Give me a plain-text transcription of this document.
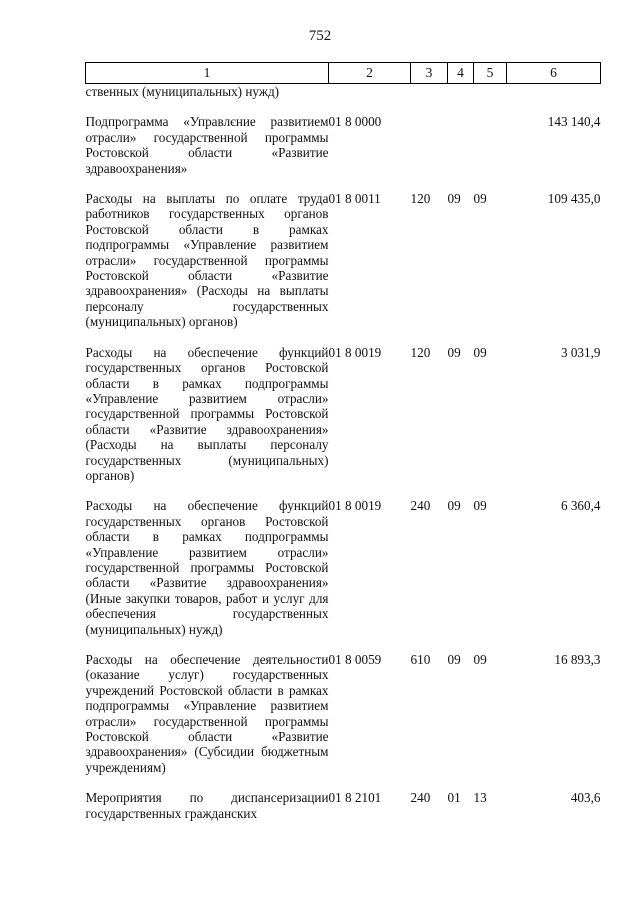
752
1	2	3	4	5	6
ственных (муниципальных) нужд)					
Подпрограмма «Управлєние развитием отрасли» государственной программы Ростовской области «Развитие здравоохранения»	01 8 0000				143 140,4
Расходы на выплаты по оплате труда работников государственных органов Ростовской области в рамках подпрограммы «Управление развитием отрасли» государственной программы Ростовской области «Развитие здравоохранения» (Расходы на выплаты персоналу государственных (муниципальных) органов)	01 8 0011	120	09	09	109 435,0
Расходы на обеспечение функций государственных органов Ростовской области в рамках подпрограммы «Управление развитием отрасли» государственной программы Ростовской области «Развитие здравоохранения» (Расходы на выплаты персоналу государственных (муниципальных) органов)	01 8 0019	120	09	09	3 031,9
Расходы на обеспечение функций государственных органов Ростовской области в рамках подпрограммы «Управление развитием отрасли» государственной программы Ростовской области «Развитие здравоохранения» (Иные закупки товаров, работ и услуг для обеспечения государственных (муниципальных) нужд)	01 8 0019	240	09	09	6 360,4
Расходы на обеспечение деятельности (оказание услуг) государственных учреждений Ростовской области в рамках подпрограммы «Управление развитием отрасли» государственной программы Ростовской области «Развитие здравоохранения» (Субсидии бюджетным учреждениям)	01 8 0059	610	09	09	16 893,3
Мероприятия по диспансеризации государственных гражданских	01 8 2101	240	01	13	403,6
